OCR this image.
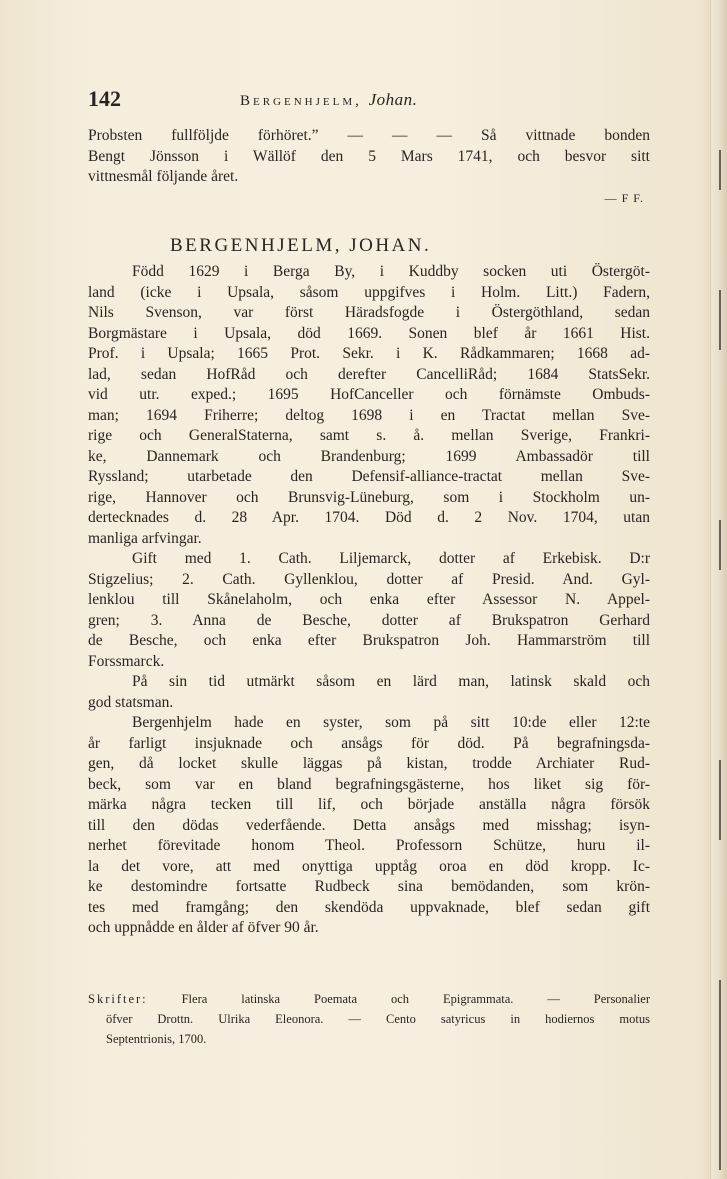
142	Bergenhjelm, Johan.
Probsten fullföljde förhöret.” — — — Så vittnade bonden
Bengt Jönsson i Wällöf den 5 Mars 1741, och besvor sitt
vittnesmål följande året.
— F F.
BERGENHJELM, JOHAN.
Född 1629 i Berga By, i Kuddby socken uti Östergöt-
land (icke i Upsala, såsom uppgifves i Holm. Litt.) Fadern,
Nils Svenson, var först Häradsfogde i Östergöthland, sedan
Borgmästare i Upsala, död 1669. Sonen blef år 1661 Hist.
Prof. i Upsala; 1665 Prot. Sekr. i K. Rådkammaren; 1668 ad-
lad, sedan HofRåd och derefter CancelliRåd; 1684 StatsSekr.
vid utr. exped.; 1695 HofCanceller och förnämste Ombuds-
man; 1694 Friherre; deltog 1698 i en Tractat mellan Sve-
rige och GeneralStaterna, samt s. å. mellan Sverige, Frankri-
ke, Dannemark och Brandenburg; 1699 Ambassadör till
Ryssland; utarbetade den Defensif-alliance-tractat mellan Sve-
rige, Hannover och Brunsvig-Lüneburg, som i Stockholm un-
dertecknades d. 28 Apr. 1704. Död d. 2 Nov. 1704, utan
manliga arfvingar.
Gift med 1. Cath. Liljemarck, dotter af Erkebisk. D:r
Stigzelius; 2. Cath. Gyllenklou, dotter af Presid. And. Gyl-
lenklou till Skånelaholm, och enka efter Assessor N. Appel-
gren; 3. Anna de Besche, dotter af Brukspatron Gerhard
de Besche, och enka efter Brukspatron Joh. Hammarström till
Forssmarck.
På sin tid utmärkt såsom en lärd man, latinsk skald och
god statsman.
Bergenhjelm hade en syster, som på sitt 10:de eller 12:te
år farligt insjuknade och ansågs för död. På begrafningsda-
gen, då locket skulle läggas på kistan, trodde Archiater Rud-
beck, som var en bland begrafningsgästerne, hos liket sig för-
märka några tecken till lif, och började anställa några försök
till den dödas vederfående. Detta ansågs med misshag; isyn-
nerhet förevitade honom Theol. Professorn Schütze, huru il-
la det vore, att med onyttiga upptåg oroa en död kropp. Ic-
ke destomindre fortsatte Rudbeck sina bemödanden, som krön-
tes med framgång; den skendöda uppvaknade, blef sedan gift
och uppnådde en ålder af öfver 90 år.
Skrifter:	Flera latinska Poemata och Epigrammata. — Personalier
öfver Drottn. Ulrika Eleonora. — Cento satyricus in hodiernos motus
Septentrionis, 1700.
